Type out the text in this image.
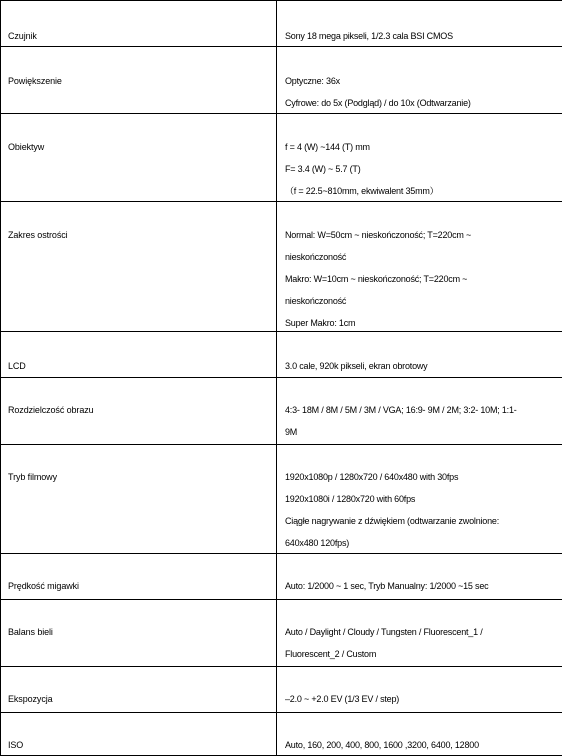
Czujnik	Sony 18 mega pikseli, 1/2.3 cala BSI CMOS

Powiększenie	Optyczne: 36x
Cyfrowe: do 5x (Podgląd) / do 10x (Odtwarzanie)

Obiektyw	f = 4 (W) ~144 (T) mm
F= 3.4 (W) ~ 5.7 (T)
（f = 22.5~810mm, ekwiwalent 35mm）

Zakres ostrości	Normal: W=50cm ~ nieskończoność; T=220cm ~
nieskończoność
Makro: W=10cm ~ nieskończoność; T=220cm ~
nieskończoność
Super Makro: 1cm

LCD	3.0 cale, 920k pikseli, ekran obrotowy

Rozdzielczość obrazu	4:3- 18M / 8M / 5M / 3M / VGA; 16:9- 9M / 2M; 3:2- 10M; 1:1-
9M

Tryb filmowy	1920x1080p / 1280x720 / 640x480 with 30fps
1920x1080i / 1280x720 with 60fps
Ciągłe nagrywanie z dźwiękiem (odtwarzanie zwolnione:
640x480 120fps)

Prędkość migawki	Auto: 1/2000 ~ 1 sec, Tryb Manualny: 1/2000 ~15 sec

Balans bieli	Auto / Daylight / Cloudy / Tungsten / Fluorescent_1 /
Fluorescent_2 / Custom

Ekspozycja	–2.0 ~ +2.0 EV (1/3 EV / step)

ISO	Auto, 160, 200, 400, 800, 1600 ,3200, 6400, 12800
